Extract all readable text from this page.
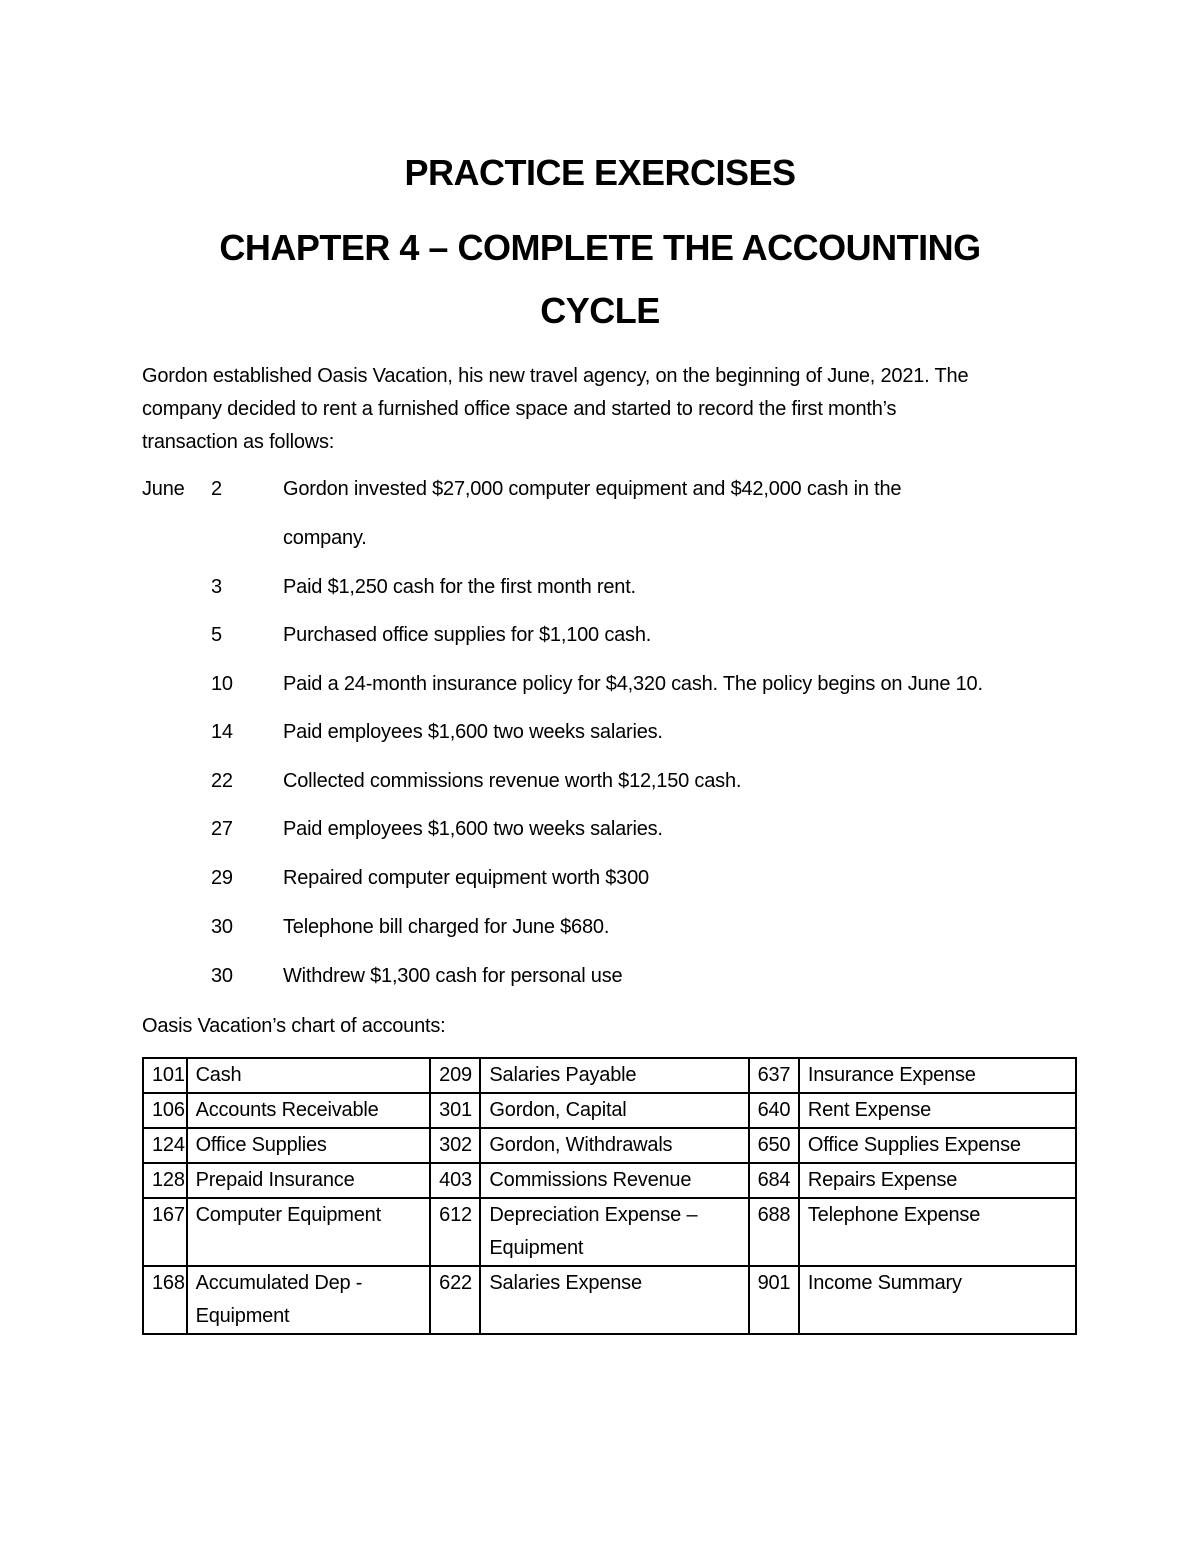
PRACTICE EXERCISES
CHAPTER 4 – COMPLETE THE ACCOUNTING
CYCLE
Gordon established Oasis Vacation, his new travel agency, on the beginning of June, 2021. The
company decided to rent a furnished office space and started to record the first month’s
transaction as follows:
June	2	Gordon invested $27,000 computer equipment and $42,000 cash in the
company.
3	Paid $1,250 cash for the first month rent.
5	Purchased office supplies for $1,100 cash.
10	Paid a 24-month insurance policy for $4,320 cash. The policy begins on June 10.
14	Paid employees $1,600 two weeks salaries.
22	Collected commissions revenue worth $12,150 cash.
27	Paid employees $1,600 two weeks salaries.
29	Repaired computer equipment worth $300
30	Telephone bill charged for June $680.
30	Withdrew $1,300 cash for personal use
Oasis Vacation’s chart of accounts:
101	Cash	209	Salaries Payable	637	Insurance Expense
106	Accounts Receivable	301	Gordon, Capital	640	Rent Expense
124	Office Supplies	302	Gordon, Withdrawals	650	Office Supplies Expense
128	Prepaid Insurance	403	Commissions Revenue	684	Repairs Expense
167	Computer Equipment	612	Depreciation Expense – Equipment	688	Telephone Expense
168	Accumulated Dep - Equipment	622	Salaries Expense	901	Income Summary
